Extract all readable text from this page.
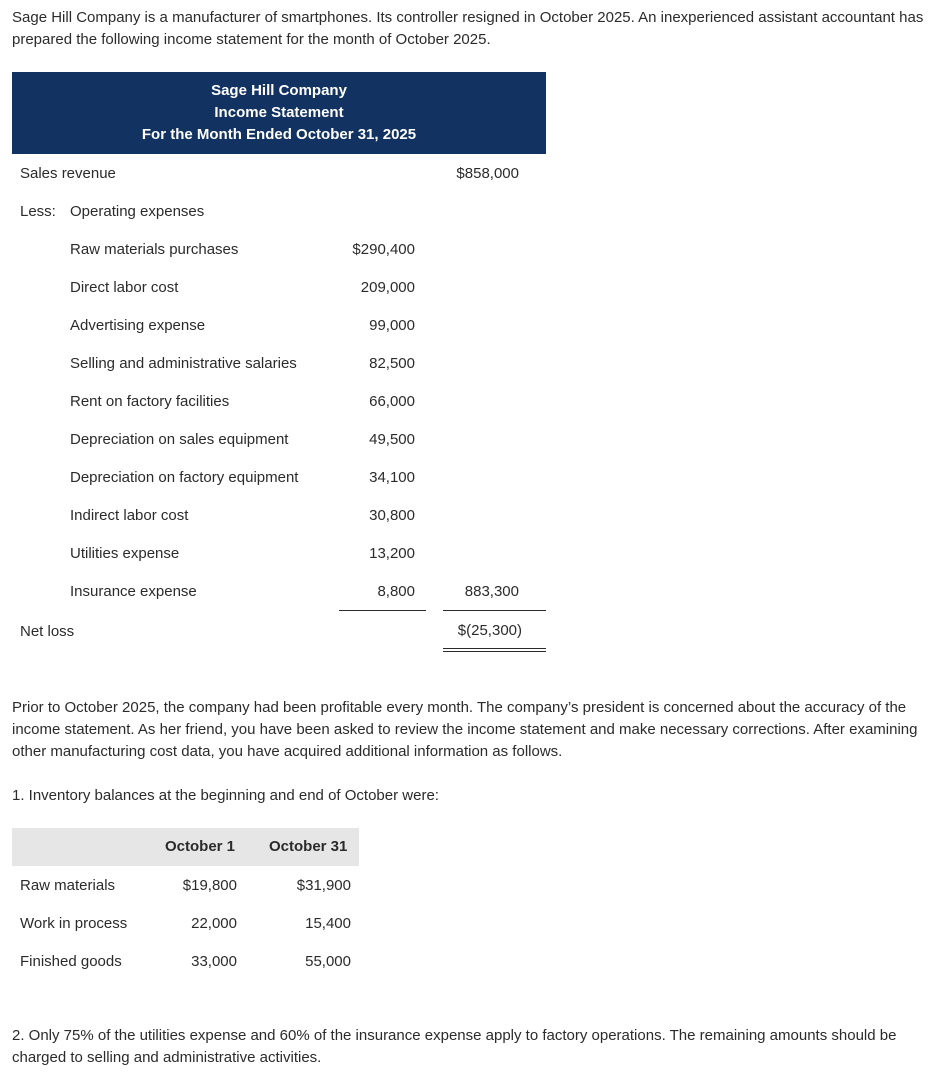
Sage Hill Company is a manufacturer of smartphones. Its controller resigned in October 2025. An inexperienced assistant accountant has prepared the following income statement for the month of October 2025.

Sage Hill Company
Income Statement
For the Month Ended October 31, 2025
Sales revenue	$858,000
Less: Operating expenses
Raw materials purchases	$290,400
Direct labor cost	209,000
Advertising expense	99,000
Selling and administrative salaries	82,500
Rent on factory facilities	66,000
Depreciation on sales equipment	49,500
Depreciation on factory equipment	34,100
Indirect labor cost	30,800
Utilities expense	13,200
Insurance expense	8,800	883,300
Net loss	$(25,300)

Prior to October 2025, the company had been profitable every month. The company’s president is concerned about the accuracy of the income statement. As her friend, you have been asked to review the income statement and make necessary corrections. After examining other manufacturing cost data, you have acquired additional information as follows.

1. Inventory balances at the beginning and end of October were:

October 1 October 31
Raw materials	$19,800	$31,900
Work in process	22,000	15,400
Finished goods	33,000	55,000

2. Only 75% of the utilities expense and 60% of the insurance expense apply to factory operations. The remaining amounts should be charged to selling and administrative activities.
